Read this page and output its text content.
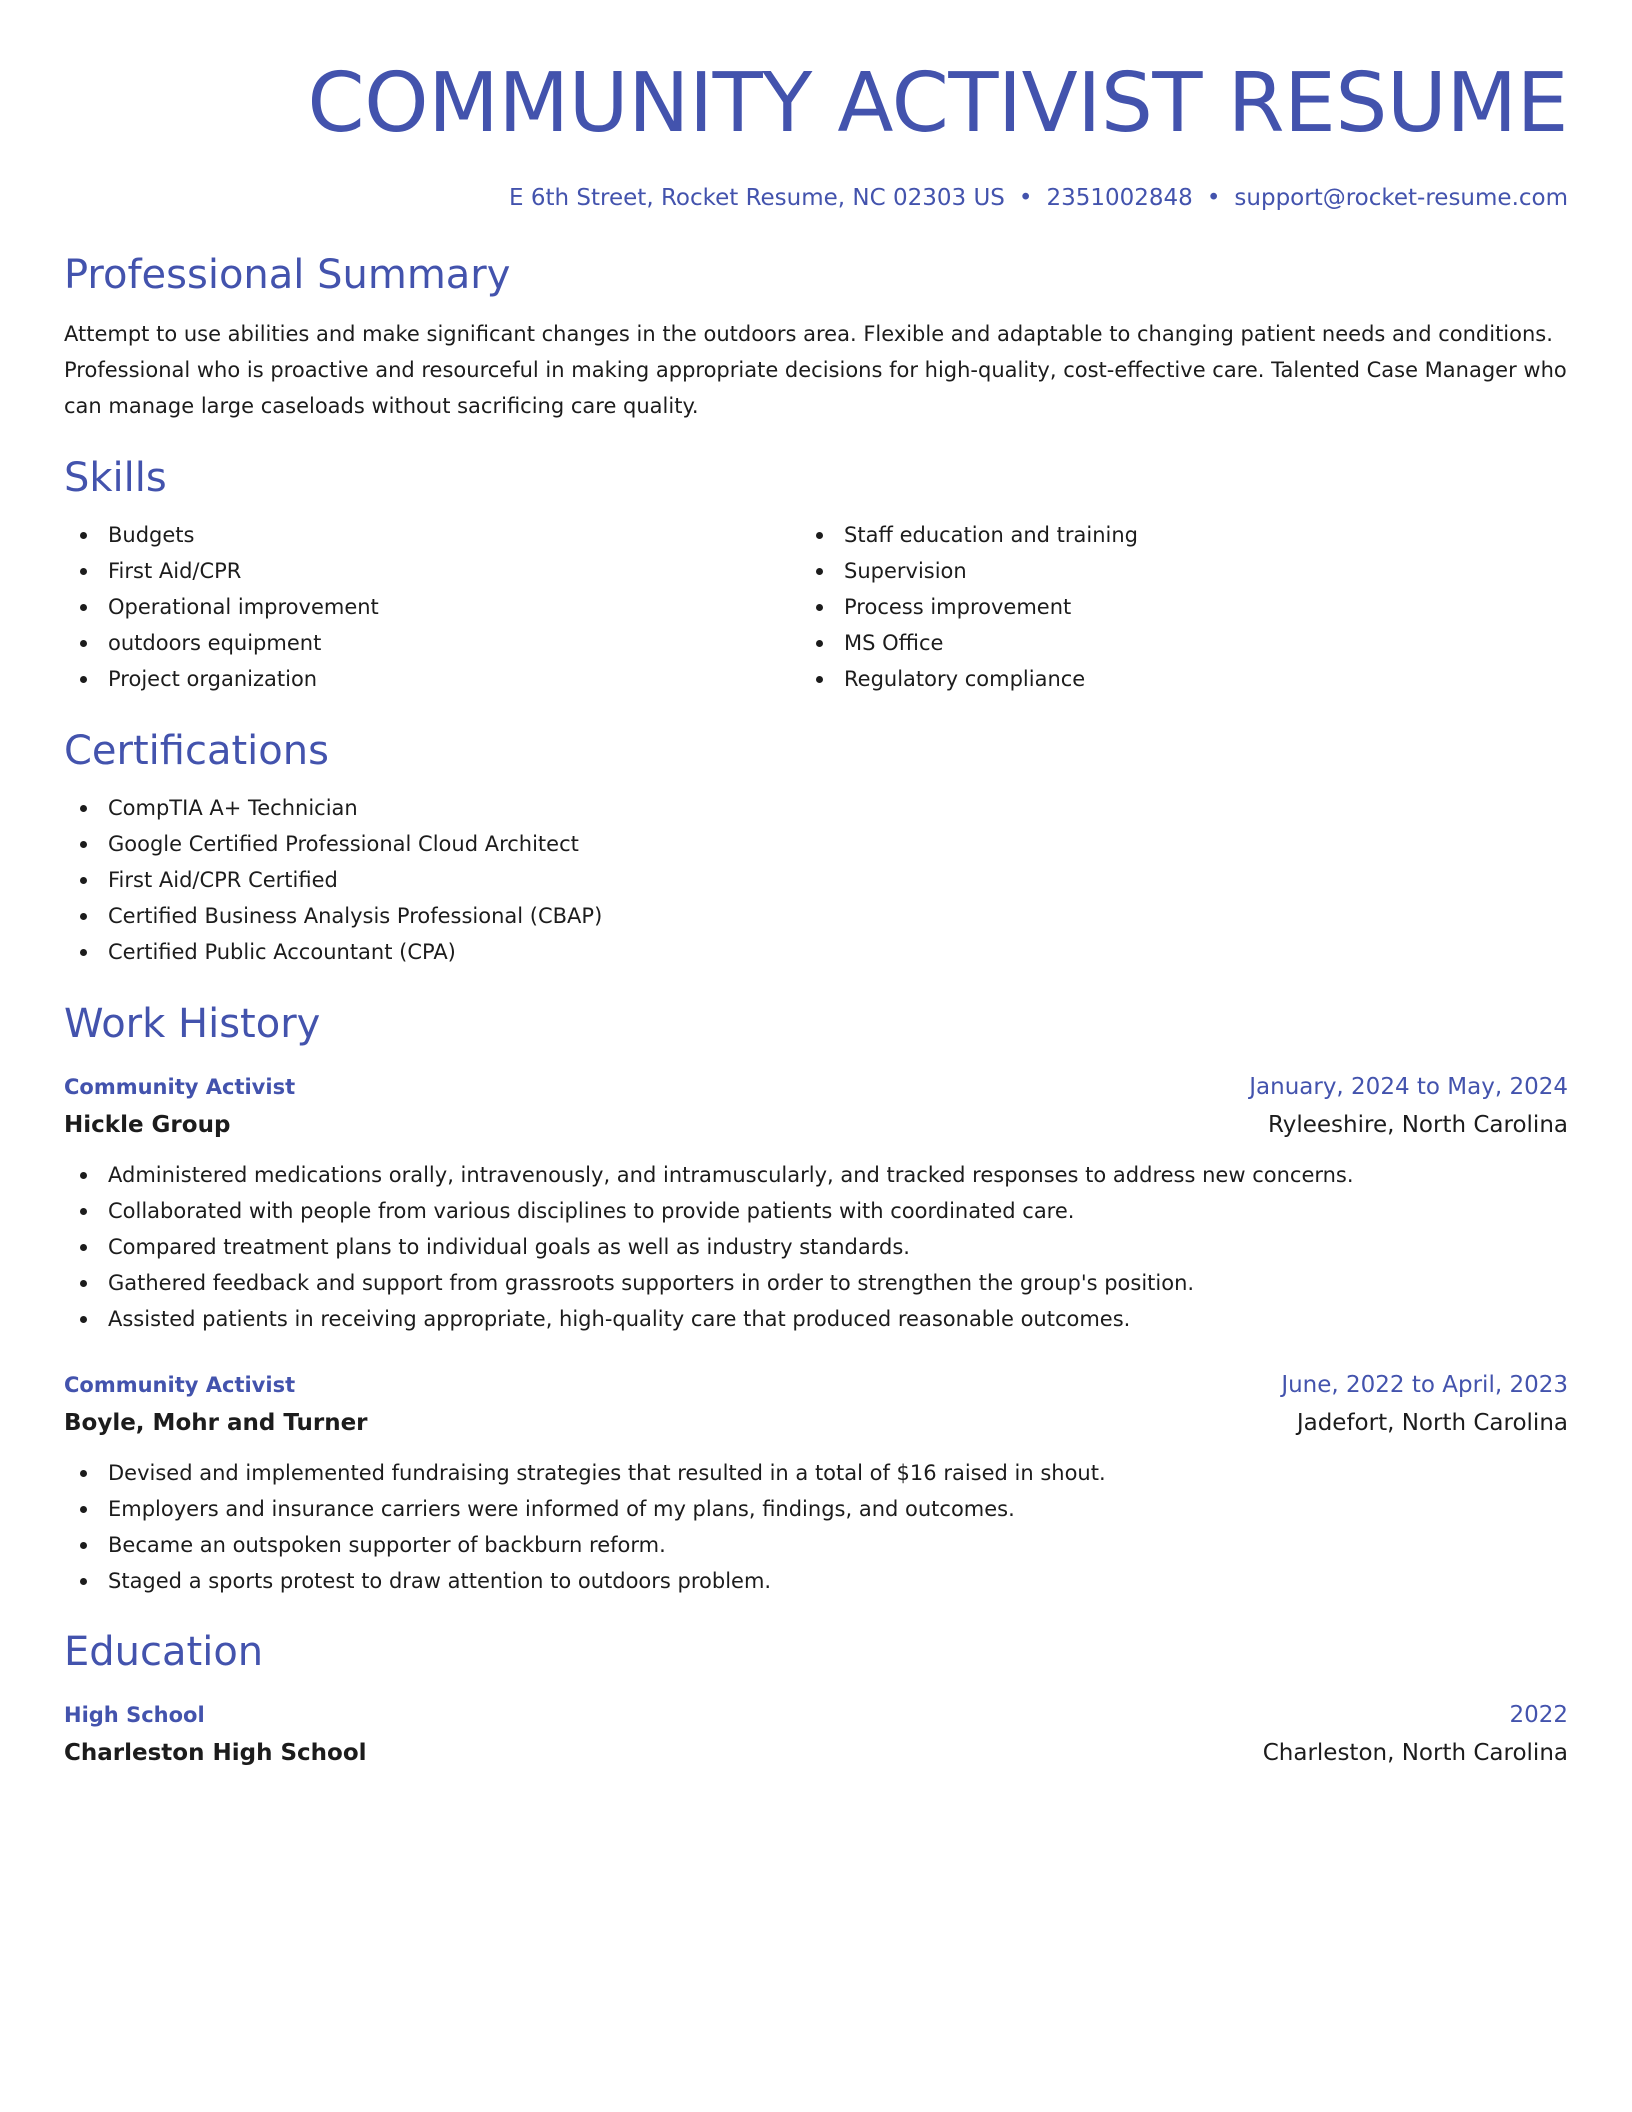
COMMUNITY ACTIVIST RESUME
E 6th Street, Rocket Resume, NC 02303 US • 2351002848 • support@rocket-resume.com
Professional Summary

Attempt to use abilities and make significant changes in the outdoors area. Flexible and adaptable to changing patient needs and conditions. Professional who is proactive and resourceful in making appropriate decisions for high-quality, cost-effective care. Talented Case Manager who can manage large caseloads without sacrificing care quality.

Skills
Budgets
First Aid/CPR
Operational improvement
outdoors equipment
Project organization
Staff education and training
Supervision
Process improvement
MS Office
Regulatory compliance
Certifications
CompTIA A+ Technician
Google Certified Professional Cloud Architect
First Aid/CPR Certified
Certified Business Analysis Professional (CBAP)
Certified Public Accountant (CPA)
Work History
Community Activist	January, 2024 to May, 2024
Hickle Group	Ryleeshire, North Carolina
Administered medications orally, intravenously, and intramuscularly, and tracked responses to address new concerns.
Collaborated with people from various disciplines to provide patients with coordinated care.
Compared treatment plans to individual goals as well as industry standards.
Gathered feedback and support from grassroots supporters in order to strengthen the group's position.
Assisted patients in receiving appropriate, high-quality care that produced reasonable outcomes.
Community Activist	June, 2022 to April, 2023
Boyle, Mohr and Turner	Jadefort, North Carolina
Devised and implemented fundraising strategies that resulted in a total of $16 raised in shout.
Employers and insurance carriers were informed of my plans, findings, and outcomes.
Became an outspoken supporter of backburn reform.
Staged a sports protest to draw attention to outdoors problem.
Education
High School	2022
Charleston High School	Charleston, North Carolina
